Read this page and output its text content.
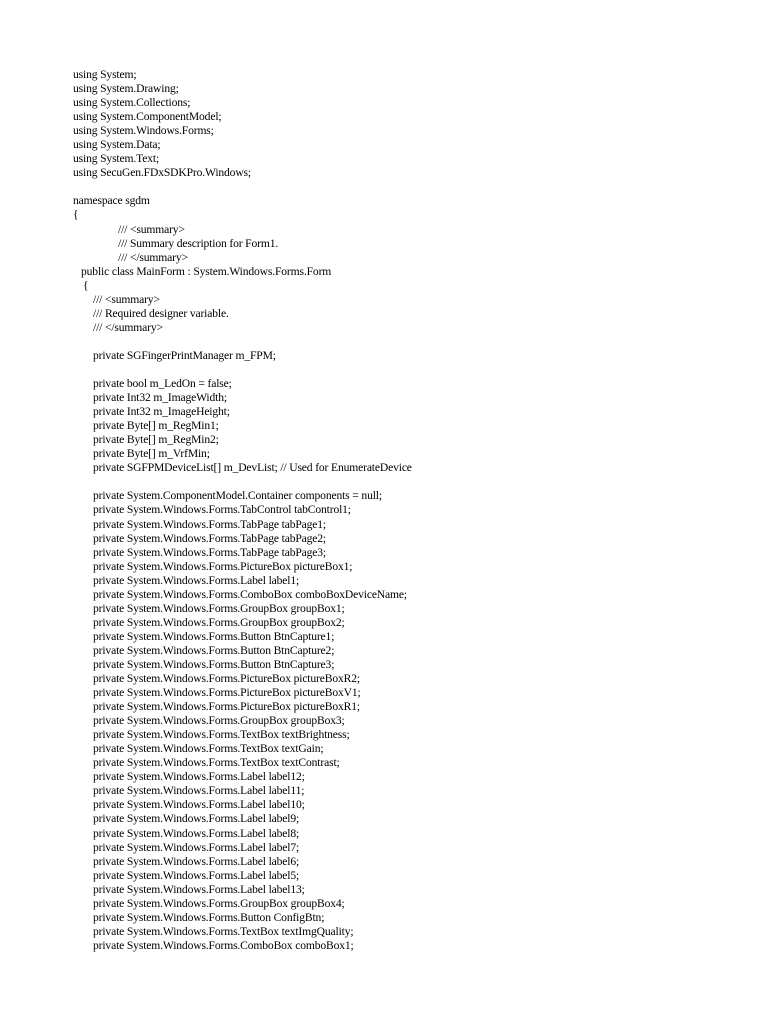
using System;
using System.Drawing;
using System.Collections;
using System.ComponentModel;
using System.Windows.Forms;
using System.Data;
using System.Text;
using SecuGen.FDxSDKPro.Windows;
namespace sgdm
{
/// <summary>
/// Summary description for Form1.
/// </summary>
public class MainForm : System.Windows.Forms.Form
{
/// <summary>
/// Required designer variable.
/// </summary>
private SGFingerPrintManager m_FPM;
private bool m_LedOn = false;
private Int32 m_ImageWidth;
private Int32 m_ImageHeight;
private Byte[] m_RegMin1;
private Byte[] m_RegMin2;
private Byte[] m_VrfMin;
private SGFPMDeviceList[] m_DevList; // Used for EnumerateDevice
private System.ComponentModel.Container components = null;
private System.Windows.Forms.TabControl tabControl1;
private System.Windows.Forms.TabPage tabPage1;
private System.Windows.Forms.TabPage tabPage2;
private System.Windows.Forms.TabPage tabPage3;
private System.Windows.Forms.PictureBox pictureBox1;
private System.Windows.Forms.Label label1;
private System.Windows.Forms.ComboBox comboBoxDeviceName;
private System.Windows.Forms.GroupBox groupBox1;
private System.Windows.Forms.GroupBox groupBox2;
private System.Windows.Forms.Button BtnCapture1;
private System.Windows.Forms.Button BtnCapture2;
private System.Windows.Forms.Button BtnCapture3;
private System.Windows.Forms.PictureBox pictureBoxR2;
private System.Windows.Forms.PictureBox pictureBoxV1;
private System.Windows.Forms.PictureBox pictureBoxR1;
private System.Windows.Forms.GroupBox groupBox3;
private System.Windows.Forms.TextBox textBrightness;
private System.Windows.Forms.TextBox textGain;
private System.Windows.Forms.TextBox textContrast;
private System.Windows.Forms.Label label12;
private System.Windows.Forms.Label label11;
private System.Windows.Forms.Label label10;
private System.Windows.Forms.Label label9;
private System.Windows.Forms.Label label8;
private System.Windows.Forms.Label label7;
private System.Windows.Forms.Label label6;
private System.Windows.Forms.Label label5;
private System.Windows.Forms.Label label13;
private System.Windows.Forms.GroupBox groupBox4;
private System.Windows.Forms.Button ConfigBtn;
private System.Windows.Forms.TextBox textImgQuality;
private System.Windows.Forms.ComboBox comboBox1;
